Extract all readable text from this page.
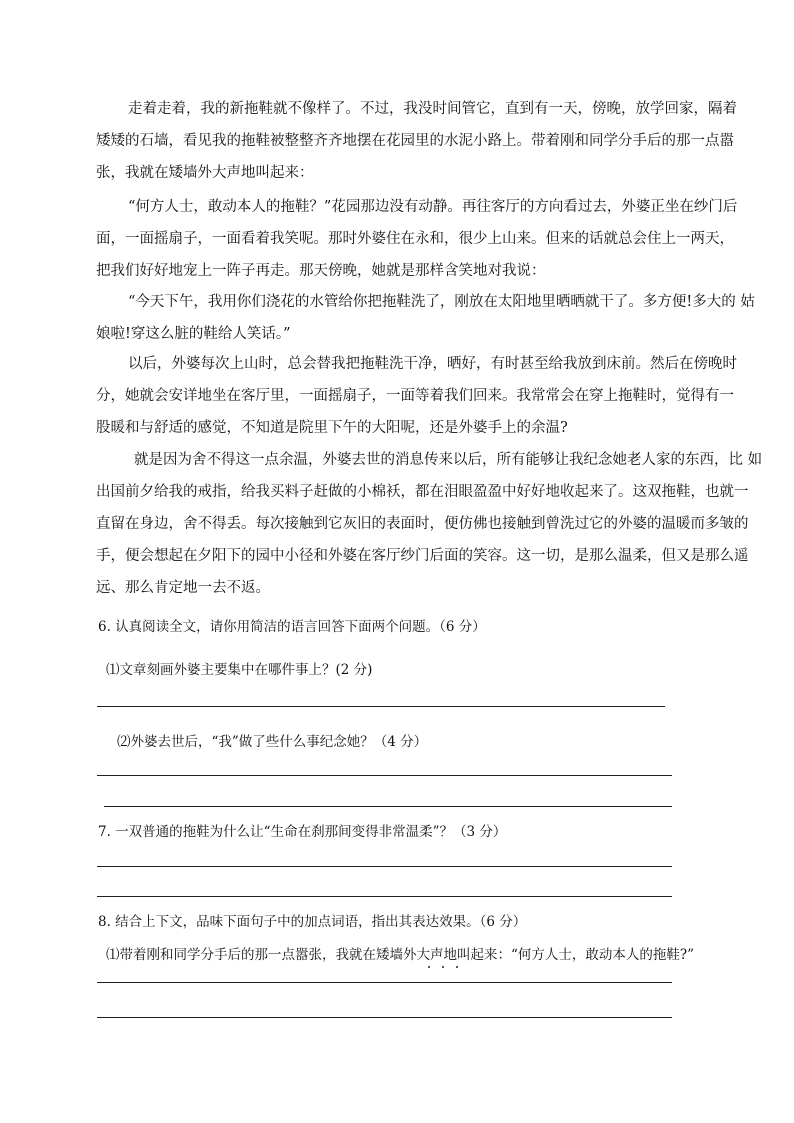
走着走着，我的新拖鞋就不像样了。不过，我没时间管它，直到有一天，傍晚，放学回家，隔着
矮矮的石墙，看见我的拖鞋被整整齐齐地摆在花园里的水泥小路上。带着刚和同学分手后的那一点嚣
张，我就在矮墙外大声地叫起来：
“何方人士，敢动本人的拖鞋？”花园那边没有动静。再往客厅的方向看过去，外婆正坐在纱门后
面，一面摇扇子，一面看着我笑呢。那时外婆住在永和，很少上山来。但来的话就总会住上一两天，
把我们好好地宠上一阵子再走。那天傍晚，她就是那样含笑地对我说：
“今天下午，我用你们浇花的水管给你把拖鞋洗了，刚放在太阳地里晒晒就干了。多方便!多大的 姑
娘啦!穿这么脏的鞋给人笑话。”
以后，外婆每次上山时，总会替我把拖鞋洗干净，晒好，有时甚至给我放到床前。然后在傍晚时
分，她就会安详地坐在客厅里，一面摇扇子，一面等着我们回来。我常常会在穿上拖鞋时，觉得有一
股暖和与舒适的感觉，不知道是院里下午的大阳呢，还是外婆手上的余温?
就是因为舍不得这一点余温，外婆去世的消息传来以后，所有能够让我纪念她老人家的东西，比 如
出国前夕给我的戒指，给我买料子赶做的小棉袄，都在泪眼盈盈中好好地收起来了。这双拖鞋，也就一
直留在身边，舍不得丢。每次接触到它灰旧的表面时，便仿佛也接触到曾洗过它的外婆的温暖而多皱的
手，便会想起在夕阳下的园中小径和外婆在客厅纱门后面的笑容。这一切，是那么温柔，但又是那么遥
远、那么肯定地一去不返。
6. 认真阅读全文，请你用简洁的语言回答下面两个问题。（6 分）
⑴文章刻画外婆主要集中在哪件事上？(2 分)
⑵外婆去世后，“我”做了些什么事纪念她？（4 分）
7. 一双普通的拖鞋为什么让“生命在刹那间变得非常温柔”？（3 分）
8. 结合上下文，品味下面句子中的加点词语，指出其表达效果。（6 分）
⑴带着刚和同学分手后的那一点嚣张，我就在矮墙外大声地叫起来：“何方人士，敢动本人的拖鞋?”
